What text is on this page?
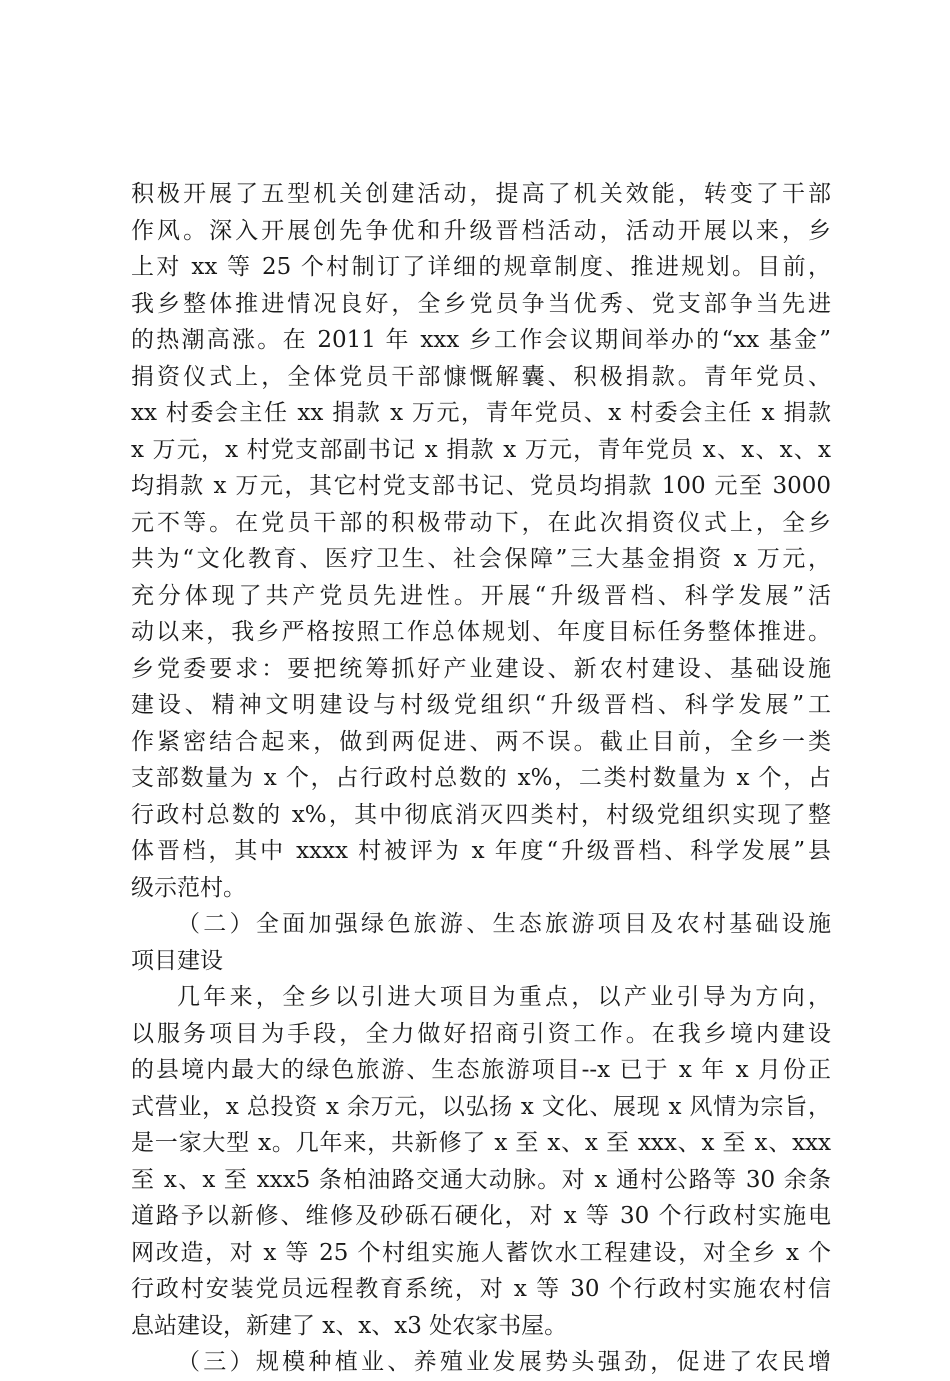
积极开展了五型机关创建活动，提高了机关效能，转变了干部
作风。深入开展创先争优和升级晋档活动，活动开展以来，乡
上对 xx 等 25 个村制订了详细的规章制度、推进规划。目前，
我乡整体推进情况良好，全乡党员争当优秀、党支部争当先进
的热潮高涨。在 2011 年 xxx 乡工作会议期间举办的“xx 基金”
捐资仪式上，全体党员干部慷慨解囊、积极捐款。青年党员、
xx 村委会主任 xx 捐款 x 万元，青年党员、x 村委会主任 x 捐款
x 万元，x 村党支部副书记 x 捐款 x 万元，青年党员 x、x、x、x
均捐款 x 万元，其它村党支部书记、党员均捐款 100 元至 3000
元不等。在党员干部的积极带动下，在此次捐资仪式上，全乡
共为“文化教育、医疗卫生、社会保障”三大基金捐资 x 万元，
充分体现了共产党员先进性。开展“升级晋档、科学发展”活
动以来，我乡严格按照工作总体规划、年度目标任务整体推进。
乡党委要求：要把统筹抓好产业建设、新农村建设、基础设施
建设、精神文明建设与村级党组织“升级晋档、科学发展”工
作紧密结合起来，做到两促进、两不误。截止目前，全乡一类
支部数量为 x 个，占行政村总数的 x%，二类村数量为 x 个，占
行政村总数的 x%，其中彻底消灭四类村，村级党组织实现了整
体晋档，其中 xxxx 村被评为 x 年度“升级晋档、科学发展”县
级示范村。
（二）全面加强绿色旅游、生态旅游项目及农村基础设施
项目建设
几年来，全乡以引进大项目为重点，以产业引导为方向，
以服务项目为手段，全力做好招商引资工作。在我乡境内建设
的县境内最大的绿色旅游、生态旅游项目--x 已于 x 年 x 月份正
式营业，x 总投资 x 余万元，以弘扬 x 文化、展现 x 风情为宗旨，
是一家大型 x。几年来，共新修了 x 至 x、x 至 xxx、x 至 x、xxx
至 x、x 至 xxx5 条柏油路交通大动脉。对 x 通村公路等 30 余条
道路予以新修、维修及砂砾石硬化，对 x 等 30 个行政村实施电
网改造，对 x 等 25 个村组实施人蓄饮水工程建设，对全乡 x 个
行政村安装党员远程教育系统，对 x 等 30 个行政村实施农村信
息站建设，新建了 x、x、x3 处农家书屋。
（三）规模种植业、养殖业发展势头强劲，促进了农民增
